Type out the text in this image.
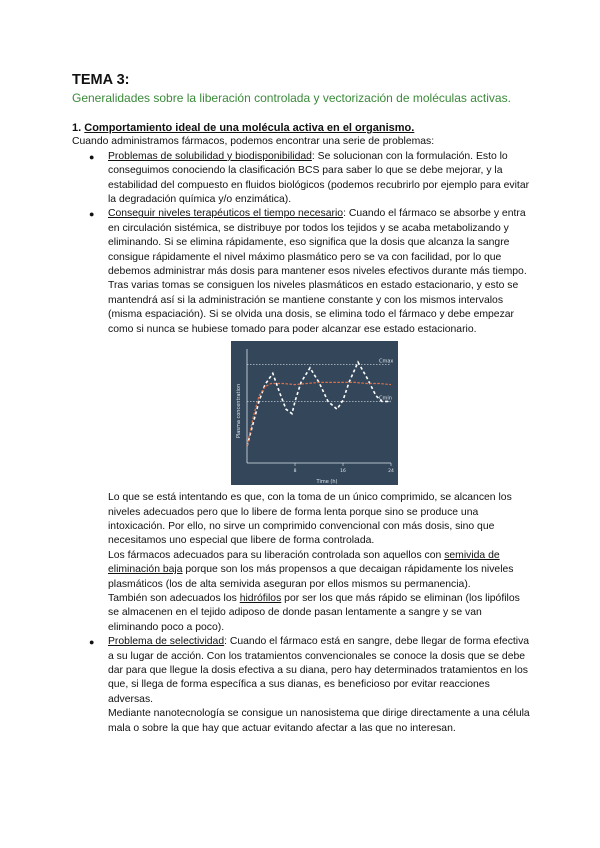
TEMA 3:

Generalidades sobre la liberación controlada y vectorización de moléculas activas.

1. Comportamiento ideal de una molécula activa en el organismo.

Cuando administramos fármacos, podemos encontrar una serie de problemas:

● Problemas de solubilidad y biodisponibilidad: Se solucionan con la formulación. Esto lo conseguimos conociendo la clasificación BCS para saber lo que se debe mejorar, y la estabilidad del compuesto en fluidos biológicos (podemos recubrirlo por ejemplo para evitar la degradación química y/o enzimática).

● Conseguir niveles terapéuticos el tiempo necesario: Cuando el fármaco se absorbe y entra en circulación sistémica, se distribuye por todos los tejidos y se acaba metabolizando y eliminando. Si se elimina rápidamente, eso significa que la dosis que alcanza la sangre consigue rápidamente el nivel máximo plasmático pero se va con facilidad, por lo que debemos administrar más dosis para mantener esos niveles efectivos durante más tiempo. Tras varias tomas se consiguen los niveles plasmáticos en estado estacionario, y esto se mantendrá así si la administración se mantiene constante y con los mismos intervalos (misma espaciación). Si se olvida una dosis, se elimina todo el fármaco y debe empezar como si nunca se hubiese tomado para poder alcanzar ese estado estacionario.

Plasma concentration
Time (h)
Cmax
Cmin
8	16	24

Lo que se está intentando es que, con la toma de un único comprimido, se alcancen los niveles adecuados pero que lo libere de forma lenta porque sino se produce una intoxicación. Por ello, no sirve un comprimido convencional con más dosis, sino que necesitamos uno especial que libere de forma controlada.

Los fármacos adecuados para su liberación controlada son aquellos con semivida de eliminación baja porque son los más propensos a que decaigan rápidamente los niveles plasmáticos (los de alta semivida aseguran por ellos mismos su permanencia).

También son adecuados los hidrófilos por ser los que más rápido se eliminan (los lipófilos se almacenen en el tejido adiposo de donde pasan lentamente a sangre y se van eliminando poco a poco).

● Problema de selectividad: Cuando el fármaco está en sangre, debe llegar de forma efectiva a su lugar de acción. Con los tratamientos convencionales se conoce la dosis que se debe dar para que llegue la dosis efectiva a su diana, pero hay determinados tratamientos en los que, si llega de forma específica a sus dianas, es beneficioso por evitar reacciones adversas.

Mediante nanotecnología se consigue un nanosistema que dirige directamente a una célula mala o sobre la que hay que actuar evitando afectar a las que no interesan.
